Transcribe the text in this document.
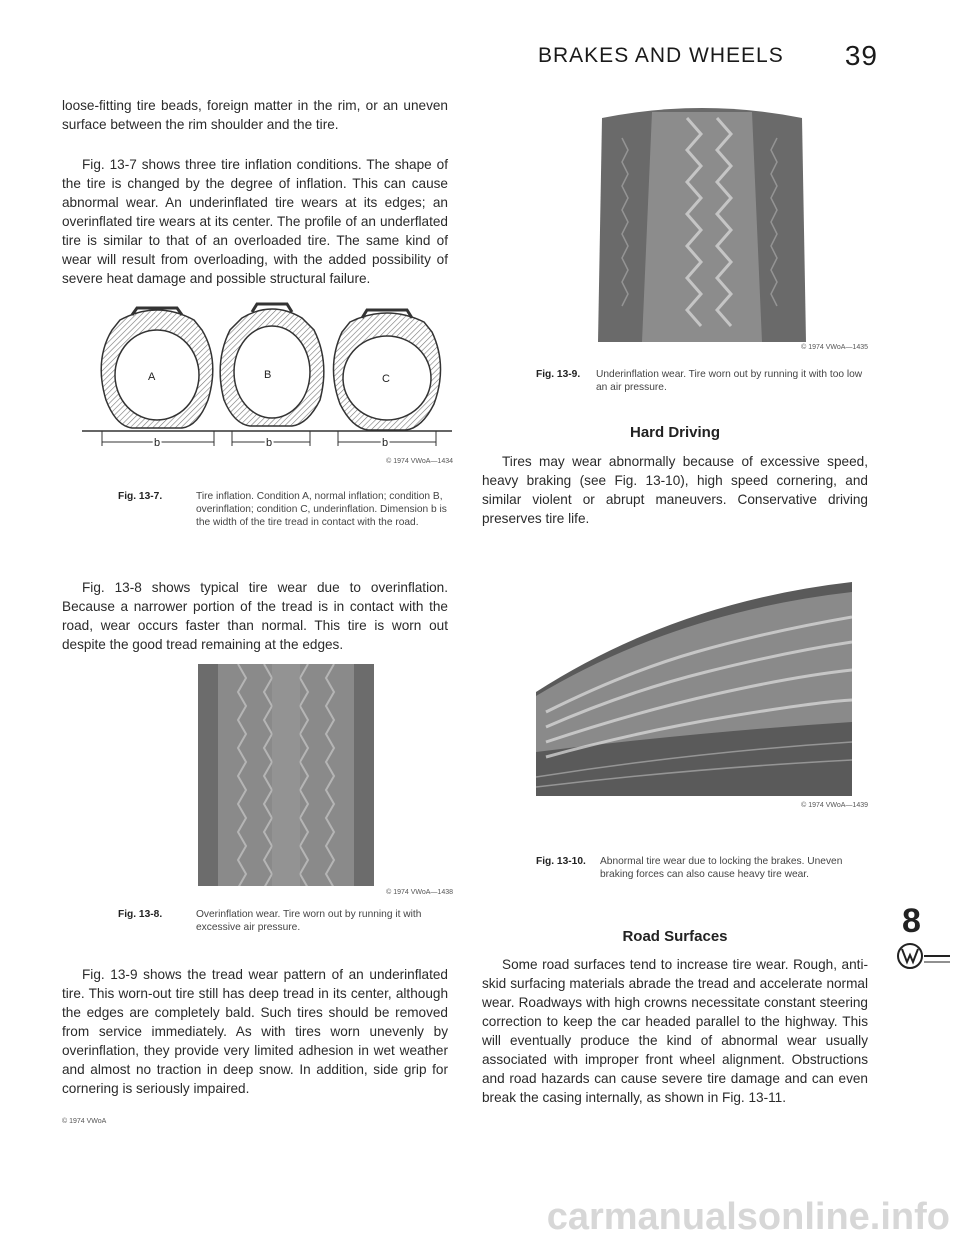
BRAKES AND WHEELS 39
loose-fitting tire beads, foreign matter in the rim, or an uneven surface between the rim shoulder and the tire.
Fig. 13-7 shows three tire inflation conditions. The shape of the tire is changed by the degree of inflation. This can cause abnormal wear. An underinflated tire wears at its edges; an overinflated tire wears at its center. The profile of an underflated tire is similar to that of an overloaded tire. The same kind of wear will result from overloading, with the added possibility of severe heat damage and possible structural failure.
A	B	C
b	b	b
© 1974 VWoA—1434
Fig. 13-7.	Tire inflation. Condition A, normal inflation; condition B, overinflation; condition C, underinflation. Dimension b is the width of the tire tread in contact with the road.
Fig. 13-8 shows typical tire wear due to overinflation. Because a narrower portion of the tread is in contact with the road, wear occurs faster than normal. This tire is worn out despite the good tread remaining at the edges.
© 1974 VWoA—1438
Fig. 13-8.	Overinflation wear. Tire worn out by running it with excessive air pressure.
Fig. 13-9 shows the tread wear pattern of an underinflated tire. This worn-out tire still has deep tread in its center, although the edges are completely bald. Such tires should be removed from service immediately. As with tires worn unevenly by overinflation, they provide very limited adhesion in wet weather and almost no traction in deep snow. In addition, side grip for cornering is seriously impaired.
© 1974 VWoA
© 1974 VWoA—1435
Fig. 13-9. Underinflation wear. Tire worn out by running it with too low an air pressure.
Hard Driving
Tires may wear abnormally because of excessive speed, heavy braking (see Fig. 13-10), high speed cornering, and similar violent or abrupt maneuvers. Conservative driving preserves tire life.
© 1974 VWoA—1439
Fig. 13-10. Abnormal tire wear due to locking the brakes. Uneven braking forces can also cause heavy tire wear.
Road Surfaces
Some road surfaces tend to increase tire wear. Rough, anti-skid surfacing materials abrade the tread and accelerate normal wear. Roadways with high crowns necessitate constant steering correction to keep the car headed parallel to the highway. This will eventually produce the kind of abnormal wear usually associated with improper front wheel alignment. Obstructions and road hazards can cause severe tire damage and can even break the casing internally, as shown in Fig. 13-11.
8
carmanualsonline.info
